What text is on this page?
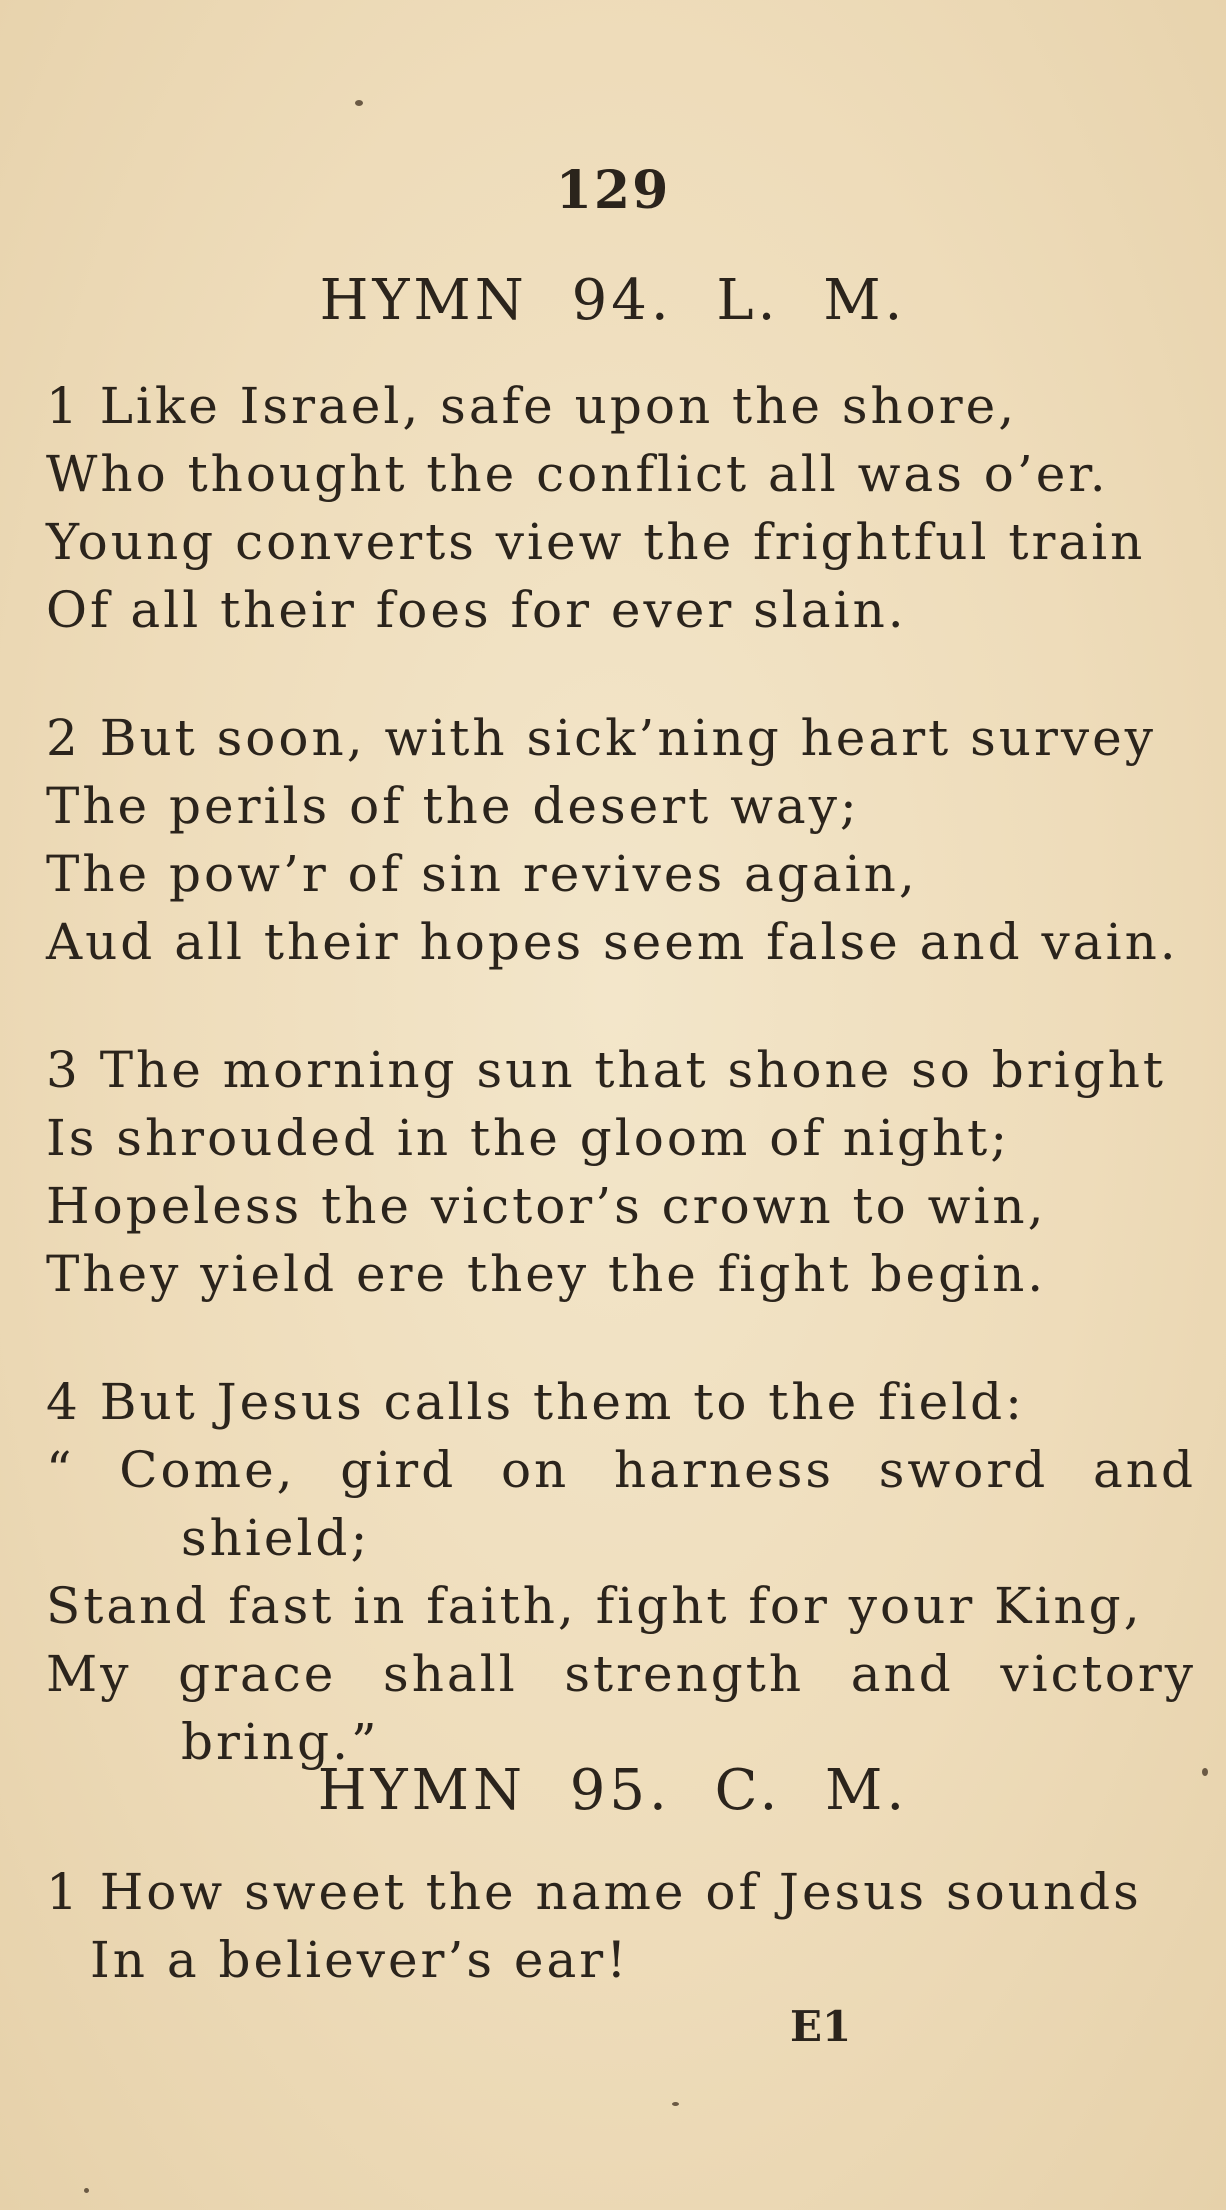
129
HYMN 94. L. M.
1 Like Israel, safe upon the shore,
Who thought the conflict all was o’er.
Young converts view the frightful train
Of all their foes for ever slain.
2 But soon, with sick’ning heart survey
The perils of the desert way;
The pow’r of sin revives again,
Aud all their hopes seem false and vain.
3 The morning sun that shone so bright
Is shrouded in the gloom of night;
Hopeless the victor’s crown to win,
They yield ere they the fight begin.
4 But Jesus calls them to the field:
“ Come, gird on harness sword and
shield;
Stand fast in faith, fight for your King,
My grace shall strength and victory
bring.”
HYMN 95. C. M.
1 How sweet the name of Jesus sounds
In a believer’s ear!
E1
